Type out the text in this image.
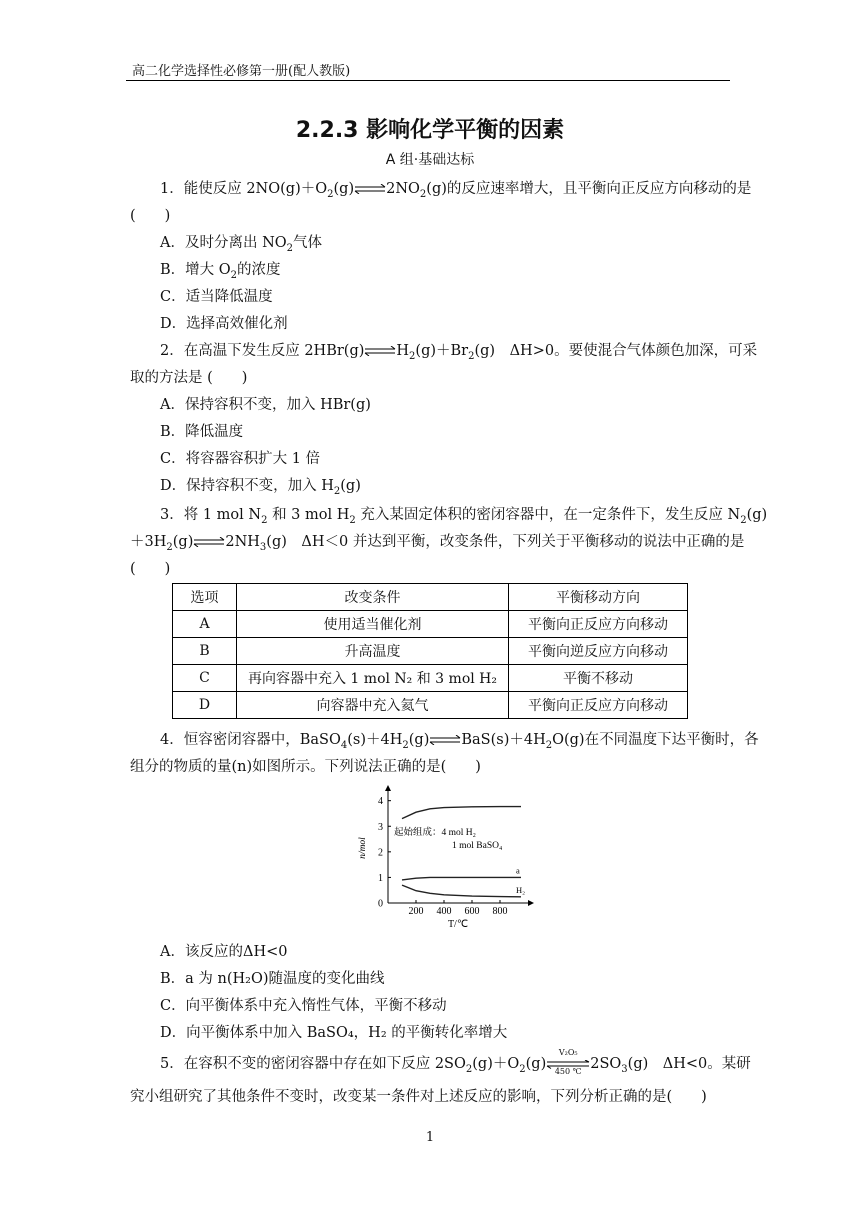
高二化学选择性必修第一册(配人教版)
2.2.3 影响化学平衡的因素
A 组·基础达标
1．能使反应 $2NO(g)+O_2(g)\rightleftharpoons 2NO_2(g)$的反应速率增大，且平衡向正反应方向移动的是
(　　)
A．及时分离出 $NO_2$气体
B．增大 $O_2$的浓度
C．适当降低温度
D．选择高效催化剂
2．在高温下发生反应 $2HBr(g)\rightleftharpoons H_2(g)+Br_2(g)$　ΔH>0。要使混合气体颜色加深，可采
取的方法是 (　　)
A．保持容积不变，加入 HBr(g)
B．降低温度
C．将容器容积扩大 1 倍
D．保持容积不变，加入 $H_2(g)$
3．将 1 mol $N_2$ 和 3 mol $H_2$ 充入某固定体积的密闭容器中，在一定条件下，发生反应 $N_2(g)$
$+3H_2(g)\rightleftharpoons 2NH_3(g)$　ΔH＜0 并达到平衡，改变条件，下列关于平衡移动的说法中正确的是
(　　)
选项	改变条件	平衡移动方向
A	使用适当催化剂	平衡向正反应方向移动
B	升高温度	平衡向逆反应方向移动
C	再向容器中充入 1 mol N₂ 和 3 mol H₂	平衡不移动
D	向容器中充入氦气	平衡向正反应方向移动
4．恒容密闭容器中，$BaSO_4(s)+4H_2(g)\rightleftharpoons BaS(s)+4H_2O(g)$在不同温度下达平衡时，各
组分的物质的量(n)如图所示。下列说法正确的是(　　)
200 400 600 800
0
1
2
3
4
a
H₂
n/mol
T/℃
起始组成：4 mol H₂
1 mol BaSO₄
A．该反应的ΔH<0
B．a 为 n(H₂O)随温度的变化曲线
C．向平衡体系中充入惰性气体，平衡不移动
D．向平衡体系中加入 BaSO₄，H₂ 的平衡转化率增大
5．在容积不变的密闭容器中存在如下反应 $2SO_2(g)+O_2(g)$
V₂O₅
450 ℃ $2SO_3(g)$　ΔH<0。某研
究小组研究了其他条件不变时，改变某一条件对上述反应的影响，下列分析正确的是(　　)
1
